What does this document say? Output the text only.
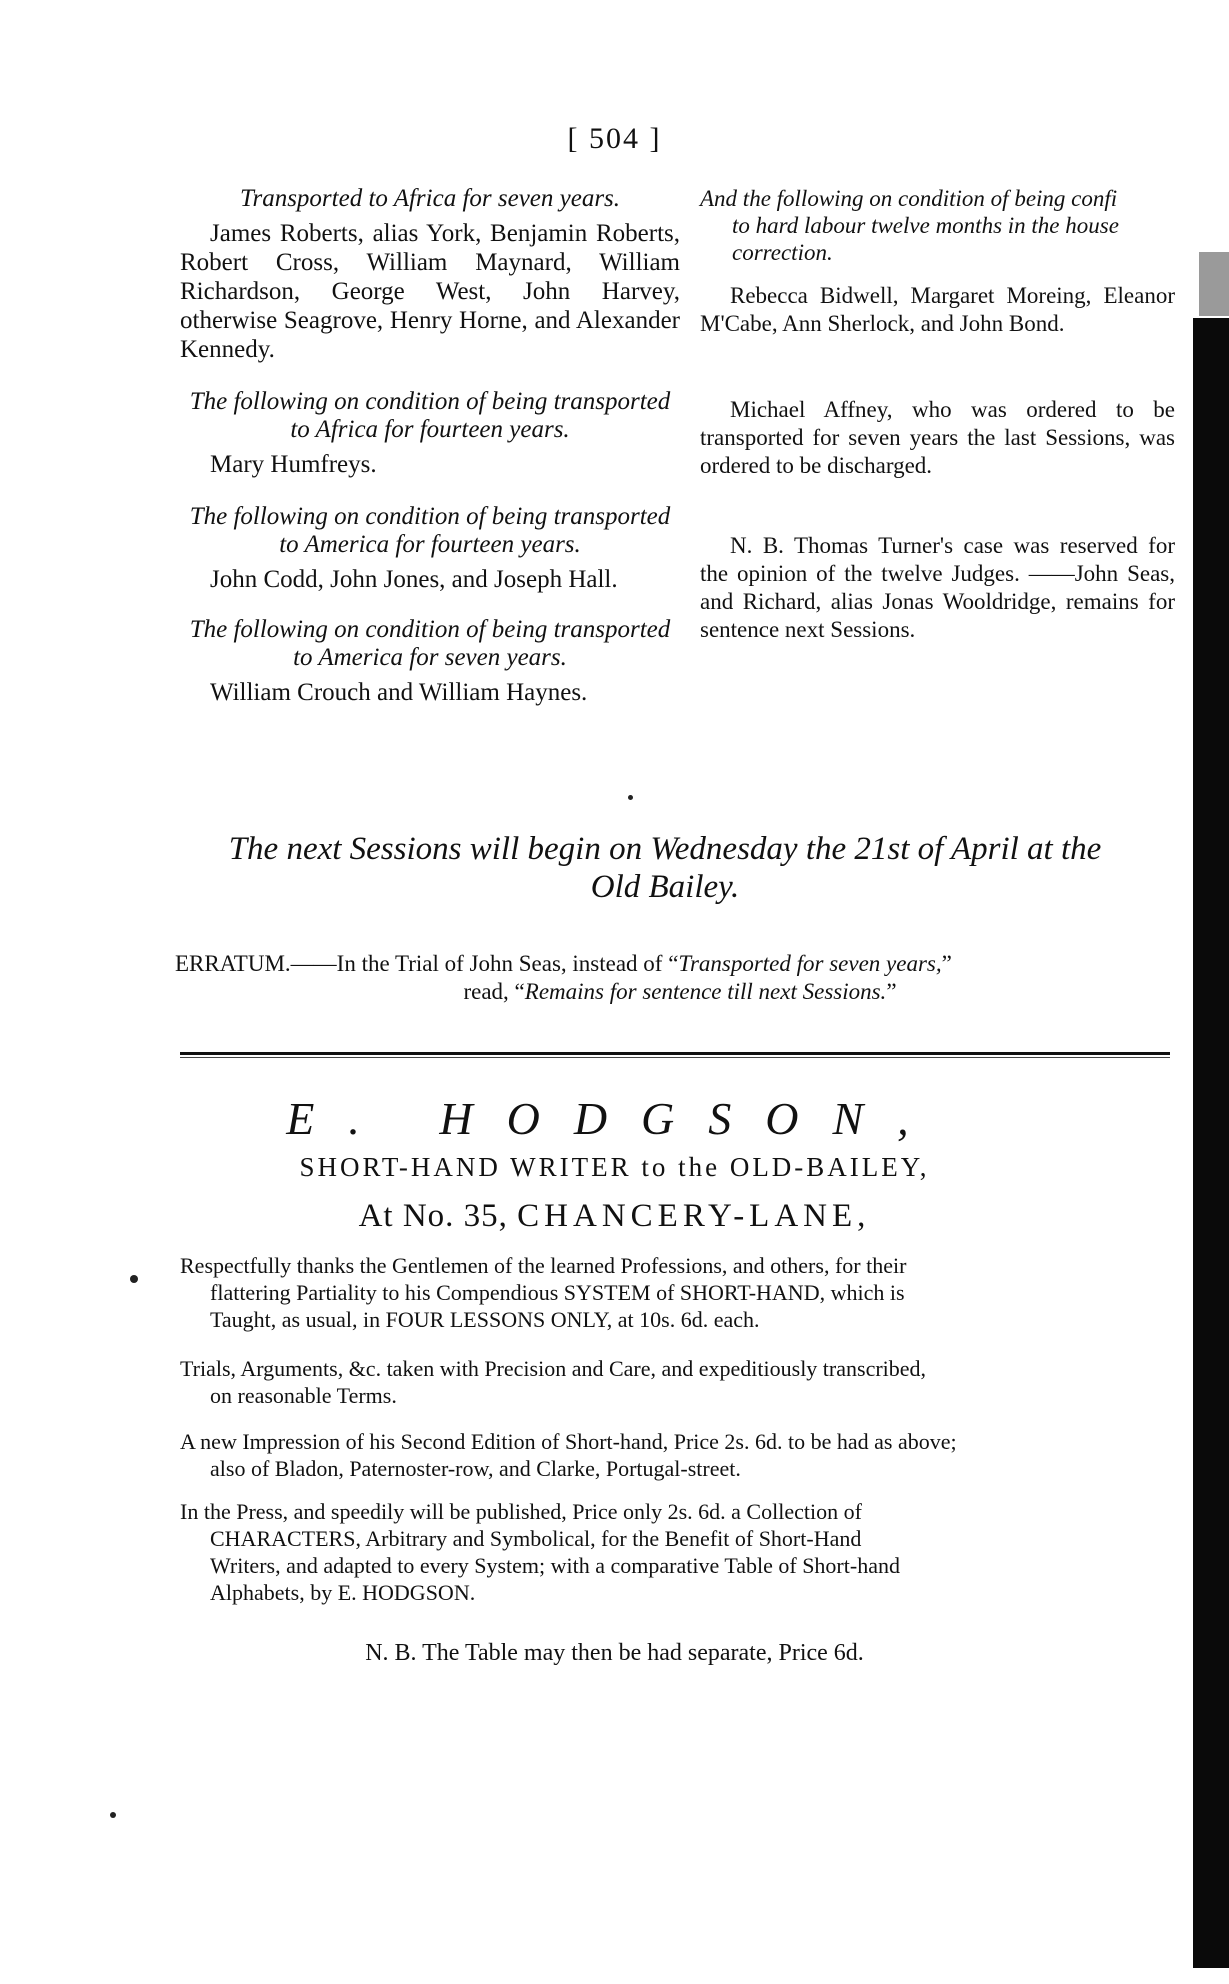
[ 504 ]

Transported to Africa for seven years.

James Roberts, alias York, Benjamin Roberts, Robert Cross, William Maynard, William Richardson, George West, John Harvey, otherwise Seagrove, Henry Horne, and Alexander Kennedy.

The following on condition of being transported
to Africa for fourteen years.

Mary Humfreys.

The following on condition of being transported
to America for fourteen years.

John Codd, John Jones, and Joseph Hall.

The following on condition of being transported
to America for seven years.

William Crouch and William Haynes.

And the following on condition of being confi
to hard labour twelve months in the house
correction.

Rebecca Bidwell, Margaret Moreing, Eleanor M'Cabe, Ann Sherlock, and John Bond.

Michael Affney, who was ordered to be transported for seven years the last Sessions, was ordered to be discharged.

N. B. Thomas Turner's case was reserved for the opinion of the twelve Judges. ——John Seas, and Richard, alias Jonas Wooldridge, remains for sentence next Sessions.

The next Sessions will begin on Wednesday the 21st of April at the
Old Bailey.
ERRATUM.——In the Trial of John Seas, instead of “Transported for seven years,”
read, “Remains for sentence till next Sessions.”
E. HODGSON,
SHORT-HAND WRITER to the OLD-BAILEY,
At No. 35, CHANCERY-LANE,
Respectfully thanks the Gentlemen of the learned Professions, and others, for their
flattering Partiality to his Compendious SYSTEM of SHORT-HAND, which is
Taught, as usual, in FOUR LESSONS ONLY, at 10s. 6d. each.
Trials, Arguments, &c. taken with Precision and Care, and expeditiously transcribed,
on reasonable Terms.
A new Impression of his Second Edition of Short-hand, Price 2s. 6d. to be had as above;
also of Bladon, Paternoster-row, and Clarke, Portugal-street.
In the Press, and speedily will be published, Price only 2s. 6d. a Collection of
CHARACTERS, Arbitrary and Symbolical, for the Benefit of Short-Hand
Writers, and adapted to every System; with a comparative Table of Short-hand
Alphabets, by E. HODGSON.
N. B. The Table may then be had separate, Price 6d.
